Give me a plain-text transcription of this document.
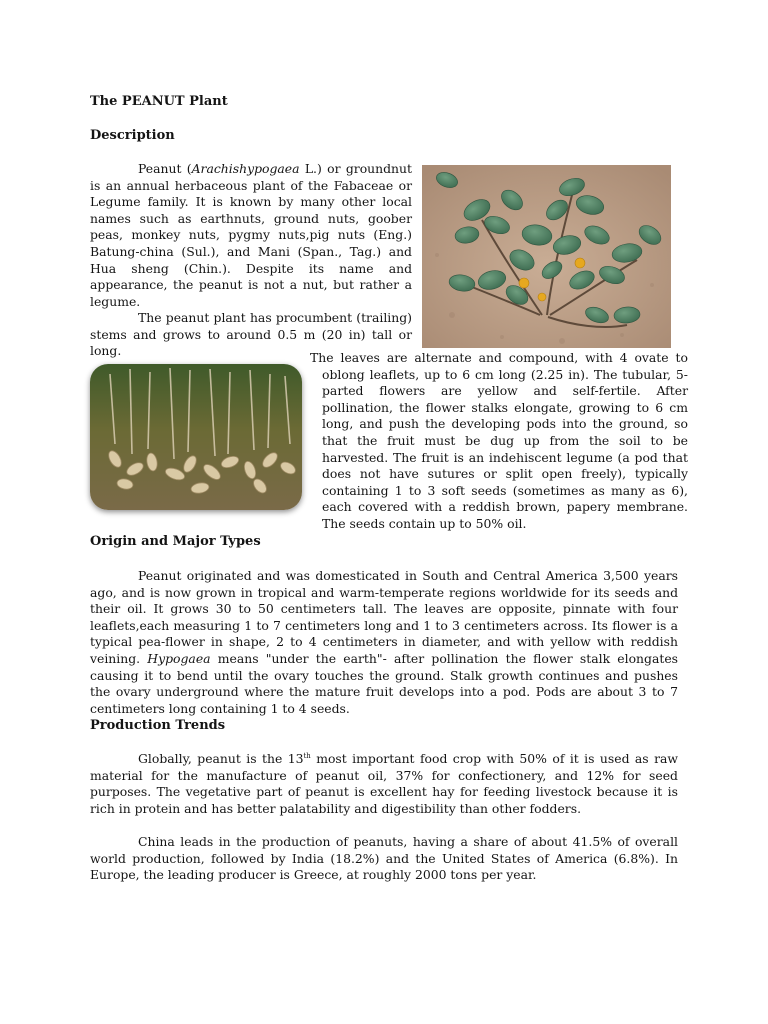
The PEANUT Plant
Description

Peanut (Arachishypogaea L.) or groundnut is an annual herbaceous plant of the Fabaceae or Legume family. It is known by many other local names such as earthnuts, ground nuts, goober peas, monkey nuts, pygmy nuts,pig nuts (Eng.) Batung-china (Sul.), and Mani (Span., Tag.) and Hua sheng (Chin.). Despite its name and appearance, the peanut is not a nut, but rather a legume.

The peanut plant has procumbent (trailing) stems and grows to around 0.5 m (20 in) tall or long.	The leaves are alternate and compound, with 4 ovate to oblong leaflets, up to 6 cm long (2.25 in). The tubular, 5-parted flowers are yellow and self-fertile. After pollination, the flower stalks elongate, growing to 6 cm long, and push the developing pods into the ground, so that the fruit must be dug up from the soil to be harvested. The fruit is an indehiscent legume (a pod that does not have sutures or split open freely), typically containing 1 to 3 soft seeds (sometimes as many as 6), each covered with a reddish brown, papery membrane. The seeds contain up to 50% oil.

Origin and Major Types

Peanut originated and was domesticated in South and Central America 3,500 years ago, and is now grown in tropical and warm-temperate regions worldwide for its seeds and their oil. It grows 30 to 50 centimeters tall. The leaves are opposite, pinnate with four leaflets,each measuring 1 to 7 centimeters long and 1 to 3 centimeters across. Its flower is a typical pea-flower in shape, 2 to 4 centimeters in diameter, and with yellow with reddish veining. Hypogaea means "under the earth"- after pollination the flower stalk elongates causing it to bend until the ovary touches the ground. Stalk growth continues and pushes the ovary underground where the mature fruit develops into a pod. Pods are about 3 to 7 centimeters long containing 1 to 4 seeds.

Production Trends

Globally, peanut is the 13th most important food crop with 50% of it is used as raw material for the manufacture of peanut oil, 37% for confectionery, and 12% for seed purposes. The vegetative part of peanut is excellent hay for feeding livestock because it is rich in protein and has better palatability and digestibility than other fodders.

China leads in the production of peanuts, having a share of about 41.5% of overall world production, followed by India (18.2%) and the United States of America (6.8%). In Europe, the leading producer is Greece, at roughly 2000 tons per year.
